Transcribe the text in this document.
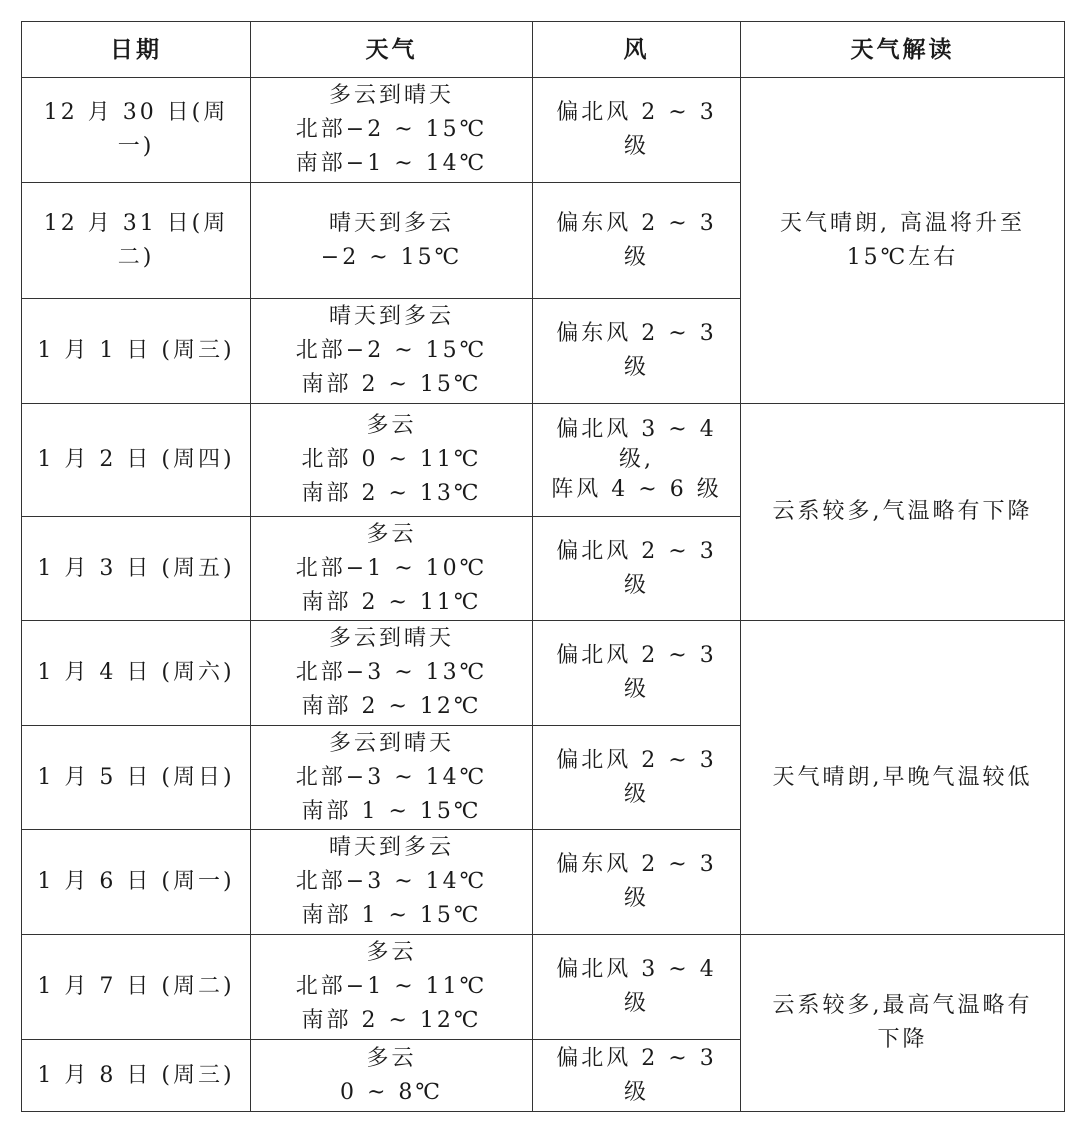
日期	天气	风	天气解读
12 月 30 日(周一)	多云到晴天
北部−2 ~ 15℃
南部−1 ~ 14℃	偏北风 2 ~ 3 级	天气晴朗, 高温将升至
15℃左右

12 月 31 日(周二)	晴天到多云
−2 ~ 15℃	偏东风 2 ~ 3 级	

1 月 1 日 (周三)	晴天到多云
北部−2 ~ 15℃
南部 2 ~ 15℃	偏东风 2 ~ 3 级	

1 月 2 日 (周四)	多云
北部 0 ~ 11℃
南部 2 ~ 13℃	偏北风 3 ~ 4 级,
阵风 4 ~ 6 级	云系较多,气温略有下降

1 月 3 日 (周五)	多云
北部−1 ~ 10℃
南部 2 ~ 11℃	偏北风 2 ~ 3 级	

1 月 4 日 (周六)	多云到晴天
北部−3 ~ 13℃
南部 2 ~ 12℃	偏北风 2 ~ 3 级	天气晴朗,早晚气温较低

1 月 5 日 (周日)	多云到晴天
北部−3 ~ 14℃
南部 1 ~ 15℃	偏北风 2 ~ 3 级	

1 月 6 日 (周一)	晴天到多云
北部−3 ~ 14℃
南部 1 ~ 15℃	偏东风 2 ~ 3 级	

1 月 7 日 (周二)	多云
北部−1 ~ 11℃
南部 2 ~ 12℃	偏北风 3 ~ 4 级	云系较多,最高气温略有
下降

1 月 8 日 (周三)	多云
0 ~ 8℃	偏北风 2 ~ 3 级	
